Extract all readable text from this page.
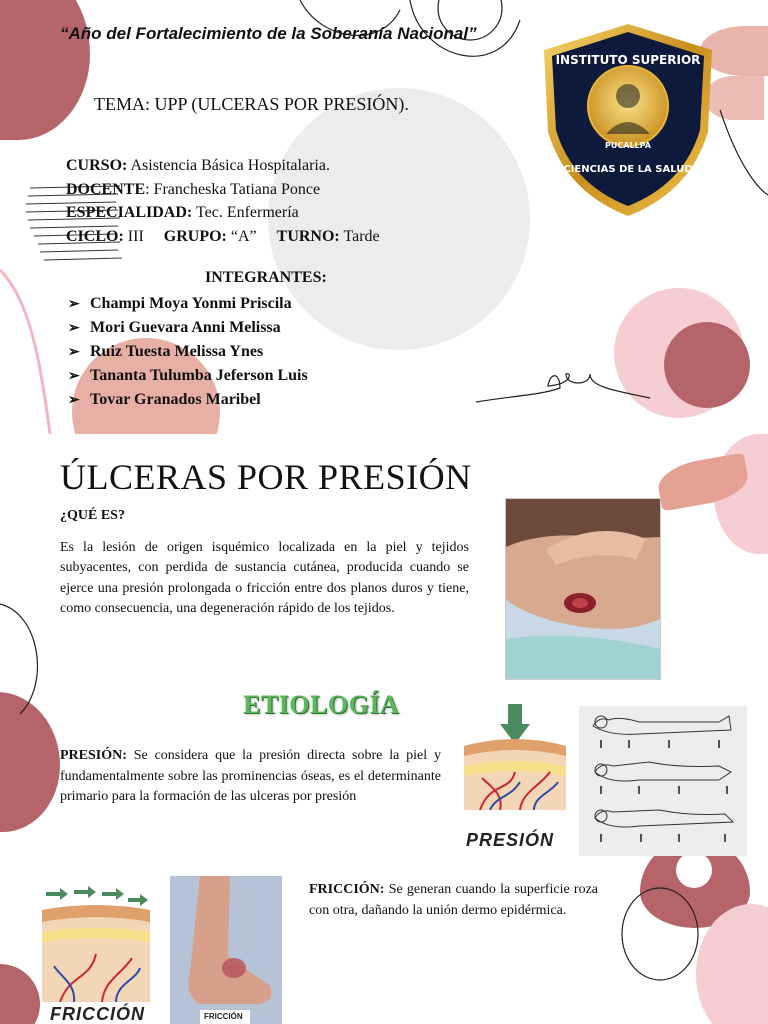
“Año del Fortalecimiento de la Soberanía Nacional”
TEMA: UPP (ULCERAS POR PRESIÓN).
CURSO: Asistencia Básica Hospitalaria.
DOCENTE: Francheska Tatiana Ponce
ESPECIALIDAD: Tec. Enfermería
CICLO: III GRUPO: “A” TURNO: Tarde
INTEGRANTES:
➢ Champi Moya Yonmi Priscila
➢ Mori Guevara Anni Melissa
➢ Ruiz Tuesta Melissa Ynes
➢ Tananta Tulumba Jeferson Luis
➢ Tovar Granados Maribel
INSTITUTO SUPERIOR
PUCALLPA
CIENCIAS DE LA SALUD
ÚLCERAS POR PRESIÓN
¿QUÉ ES?
Es la lesión de origen isquémico localizada en la piel y tejidos subyacentes, con perdida de sustancia cutánea, producida cuando se ejerce una presión prolongada o fricción entre dos planos duros y tiene, como consecuencia, una degeneración rápido de los tejidos.
ETIOLOGÍA
PRESIÓN: Se considera que la presión directa sobre la piel y fundamentalmente sobre las prominencias óseas, es el determinante primario para la formación de las ulceras por presión
PRESIÓN
FRICCIÓN	FRICCIÓN
FRICCIÓN: Se generan cuando la superficie roza con otra, dañando la unión dermo epidérmica.
